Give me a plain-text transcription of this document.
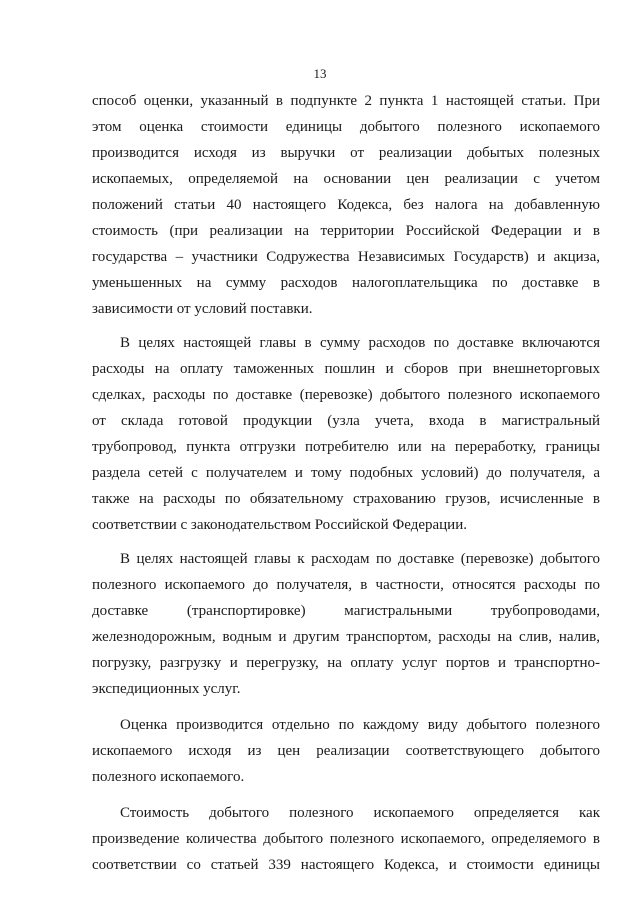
13

способ оценки, указанный в подпункте 2 пункта 1 настоящей статьи. При
этом оценка стоимости единицы добытого полезного ископаемого
производится исходя из выручки от реализации добытых полезных
ископаемых, определяемой на основании цен реализации с учетом
положений статьи 40 настоящего Кодекса, без налога на добавленную
стоимость (при реализации на территории Российской Федерации и в
государства – участники Содружества Независимых Государств) и акциза,
уменьшенных на сумму расходов налогоплательщика по доставке в
зависимости от условий поставки.

В целях настоящей главы в сумму расходов по доставке включаются
расходы на оплату таможенных пошлин и сборов при внешнеторговых
сделках, расходы по доставке (перевозке) добытого полезного ископаемого
от склада готовой продукции (узла учета, входа в магистральный
трубопровод, пункта отгрузки потребителю или на переработку, границы
раздела сетей с получателем и тому подобных условий) до получателя, а
также на расходы по обязательному страхованию грузов, исчисленные в
соответствии с законодательством Российской Федерации.

В целях настоящей главы к расходам по доставке (перевозке) добытого
полезного ископаемого до получателя, в частности, относятся расходы по
доставке (транспортировке) магистральными трубопроводами,
железнодорожным, водным и другим транспортом, расходы на слив, налив,
погрузку, разгрузку и перегрузку, на оплату услуг портов и транспортно-
экспедиционных услуг.

Оценка производится отдельно по каждому виду добытого полезного
ископаемого исходя из цен реализации соответствующего добытого
полезного ископаемого.

Стоимость добытого полезного ископаемого определяется как
произведение количества добытого полезного ископаемого, определяемого в
соответствии со статьей 339 настоящего Кодекса, и стоимости единицы
